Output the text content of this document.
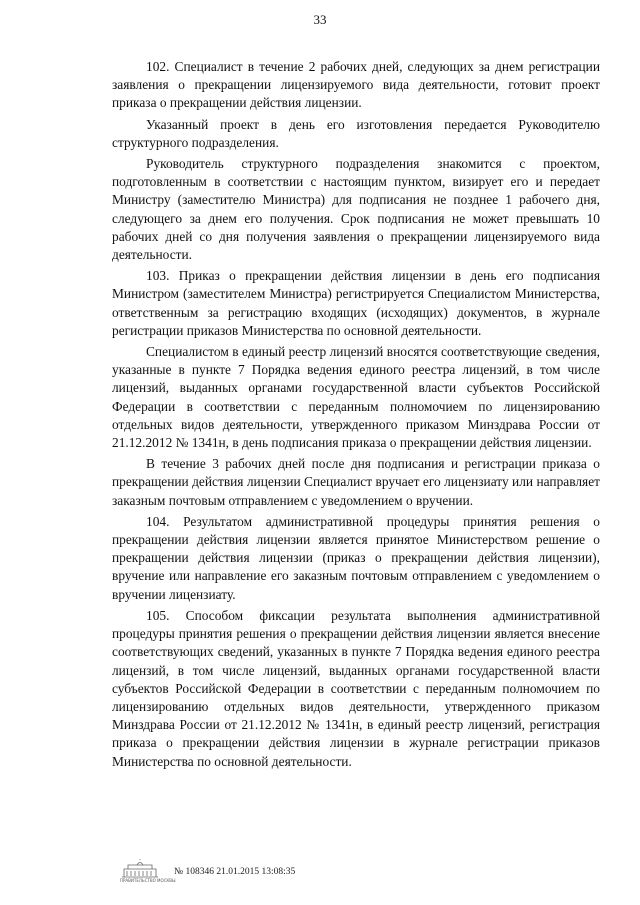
33

102. Специалист в течение 2 рабочих дней, следующих за днем регистрации заявления о прекращении лицензируемого вида деятельности, готовит проект приказа о прекращении действия лицензии.

Указанный проект в день его изготовления передается Руководителю структурного подразделения.

Руководитель структурного подразделения знакомится с проектом, подготовленным в соответствии с настоящим пунктом, визирует его и передает Министру (заместителю Министра) для подписания не позднее 1 рабочего дня, следующего за днем его получения. Срок подписания не может превышать 10 рабочих дней со дня получения заявления о прекращении лицензируемого вида деятельности.

103. Приказ о прекращении действия лицензии в день его подписания Министром (заместителем Министра) регистрируется Специалистом Министерства, ответственным за регистрацию входящих (исходящих) документов, в журнале регистрации приказов Министерства по основной деятельности.

Специалистом в единый реестр лицензий вносятся соответствующие сведения, указанные в пункте 7 Порядка ведения единого реестра лицензий, в том числе лицензий, выданных органами государственной власти субъектов Российской Федерации в соответствии с переданным полномочием по лицензированию отдельных видов деятельности, утвержденного приказом Минздрава России от 21.12.2012 № 1341н, в день подписания приказа о прекращении действия лицензии.

В течение 3 рабочих дней после дня подписания и регистрации приказа о прекращении действия лицензии Специалист вручает его лицензиату или направляет заказным почтовым отправлением с уведомлением о вручении.

104. Результатом административной процедуры принятия решения о прекращении действия лицензии является принятое Министерством решение о прекращении действия лицензии (приказ о прекращении действия лицензии), вручение или направление его заказным почтовым отправлением с уведомлением о вручении лицензиату.

105. Способом фиксации результата выполнения административной процедуры принятия решения о прекращении действия лицензии является внесение соответствующих сведений, указанных в пункте 7 Порядка ведения единого реестра лицензий, в том числе лицензий, выданных органами государственной власти субъектов Российской Федерации в соответствии с переданным полномочием по лицензированию отдельных видов деятельности, утвержденного приказом Минздрава России от 21.12.2012 № 1341н, в единый реестр лицензий, регистрация приказа о прекращении действия лицензии в журнале регистрации приказов Министерства по основной деятельности.

ПРАВИТЕЛЬСТВО МОСКВЫ
№ 108346 21.01.2015 13:08:35
